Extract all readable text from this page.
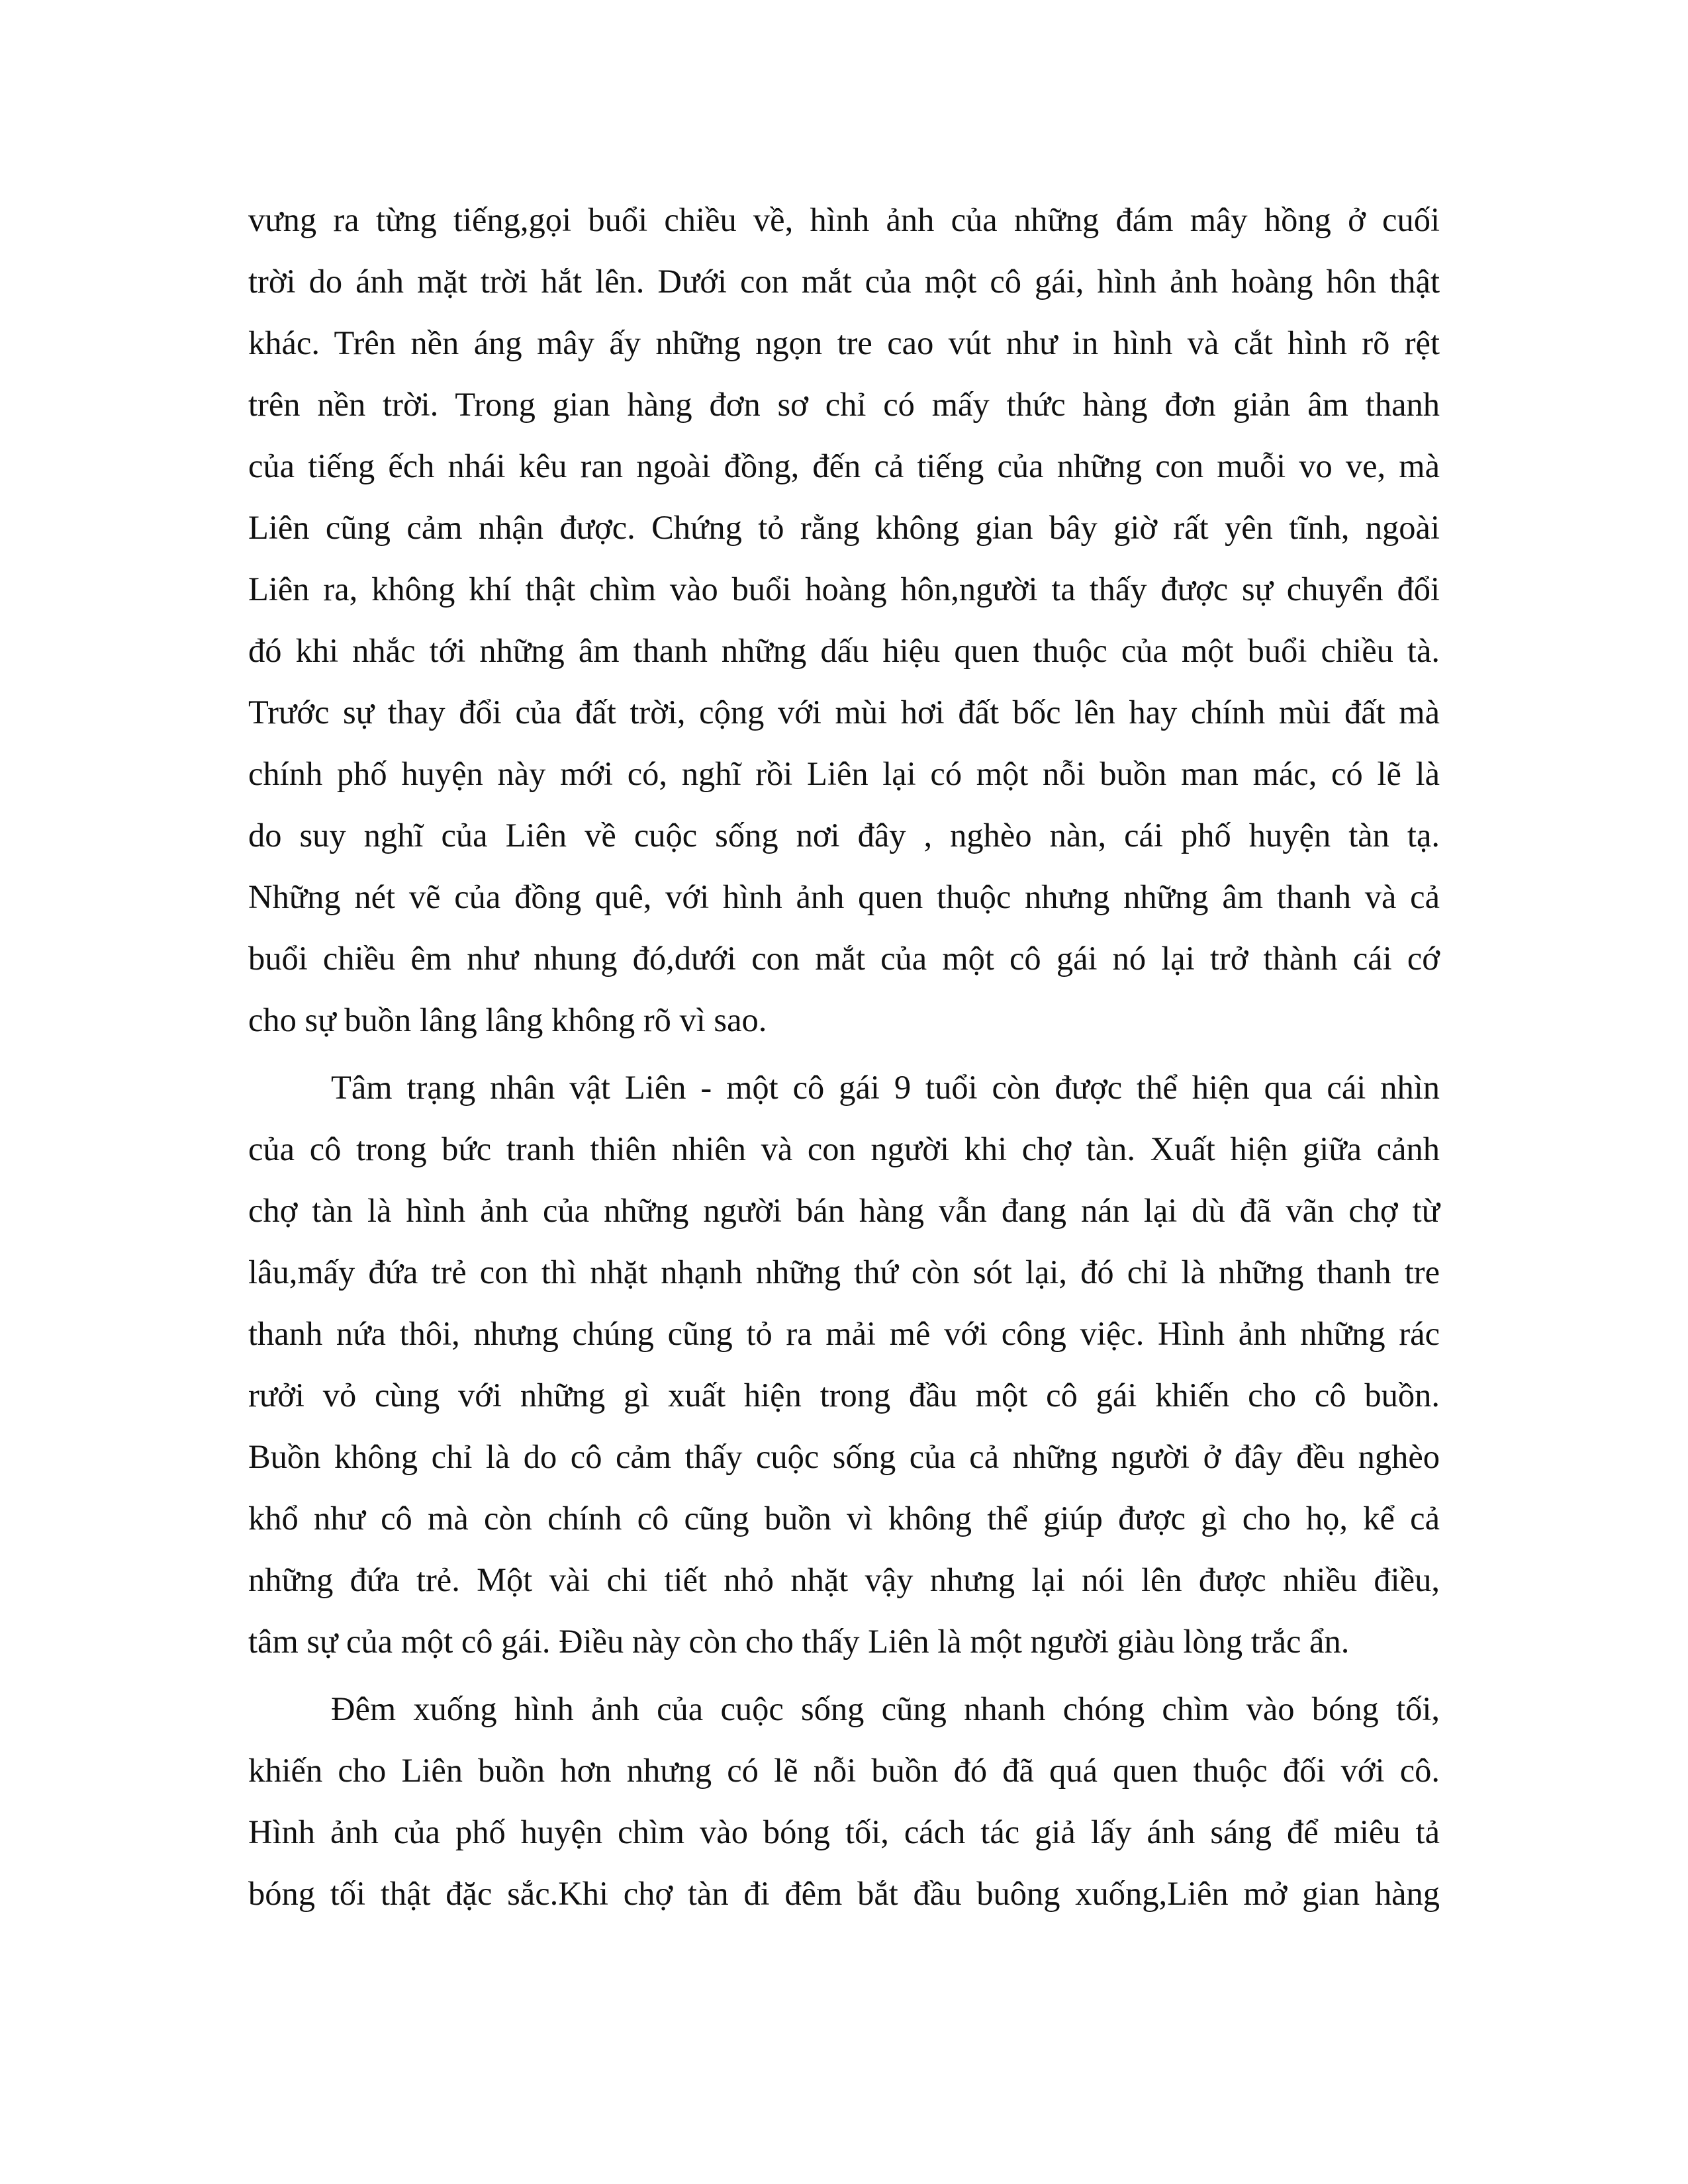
vưng ra từng tiếng,gọi buổi chiều về, hình ảnh của những đám mây hồng ở cuối
trời do ánh mặt trời hắt lên. Dưới con mắt của một cô gái, hình ảnh hoàng hôn thật
khác. Trên nền áng mây ấy những ngọn tre cao vút như in hình và cắt hình rõ rệt
trên nền trời. Trong gian hàng đơn sơ chỉ có mấy thức hàng đơn giản âm thanh
của tiếng ếch nhái kêu ran ngoài đồng, đến cả tiếng của những con muỗi vo ve, mà
Liên cũng cảm nhận được. Chứng tỏ rằng không gian bây giờ rất yên tĩnh, ngoài
Liên ra, không khí thật chìm vào buổi hoàng hôn,người ta thấy được sự chuyển đổi
đó khi nhắc tới những âm thanh những dấu hiệu quen thuộc của một buổi chiều tà.
Trước sự thay đổi của đất trời, cộng với mùi hơi đất bốc lên hay chính mùi đất mà
chính phố huyện này mới có, nghĩ rồi Liên lại có một nỗi buồn man mác, có lẽ là
do suy nghĩ của Liên về cuộc sống nơi đây , nghèo nàn, cái phố huyện tàn tạ.
Những nét vẽ của đồng quê, với hình ảnh quen thuộc nhưng những âm thanh và cả
buổi chiều êm như nhung đó,dưới con mắt của một cô gái nó lại trở thành cái cớ
cho sự buồn lâng lâng không rõ vì sao.
Tâm trạng nhân vật Liên - một cô gái 9 tuổi còn được thể hiện qua cái nhìn
của cô trong bức tranh thiên nhiên và con người khi chợ tàn. Xuất hiện giữa cảnh
chợ tàn là hình ảnh của những người bán hàng vẫn đang nán lại dù đã vãn chợ từ
lâu,mấy đứa trẻ con thì nhặt nhạnh những thứ còn sót lại, đó chỉ là những thanh tre
thanh nứa thôi, nhưng chúng cũng tỏ ra mải mê với công việc. Hình ảnh những rác
rưởi vỏ cùng với những gì xuất hiện trong đầu một cô gái khiến cho cô buồn.
Buồn không chỉ là do cô cảm thấy cuộc sống của cả những người ở đây đều nghèo
khổ như cô mà còn chính cô cũng buồn vì không thể giúp được gì cho họ, kể cả
những đứa trẻ. Một vài chi tiết nhỏ nhặt vậy nhưng lại nói lên được nhiều điều,
tâm sự của một cô gái. Điều này còn cho thấy Liên là một người giàu lòng trắc ẩn.
Đêm xuống hình ảnh của cuộc sống cũng nhanh chóng chìm vào bóng tối,
khiến cho Liên buồn hơn nhưng có lẽ nỗi buồn đó đã quá quen thuộc đối với cô.
Hình ảnh của phố huyện chìm vào bóng tối, cách tác giả lấy ánh sáng để miêu tả
bóng tối thật đặc sắc.Khi chợ tàn đi đêm bắt đầu buông xuống,Liên mở gian hàng
